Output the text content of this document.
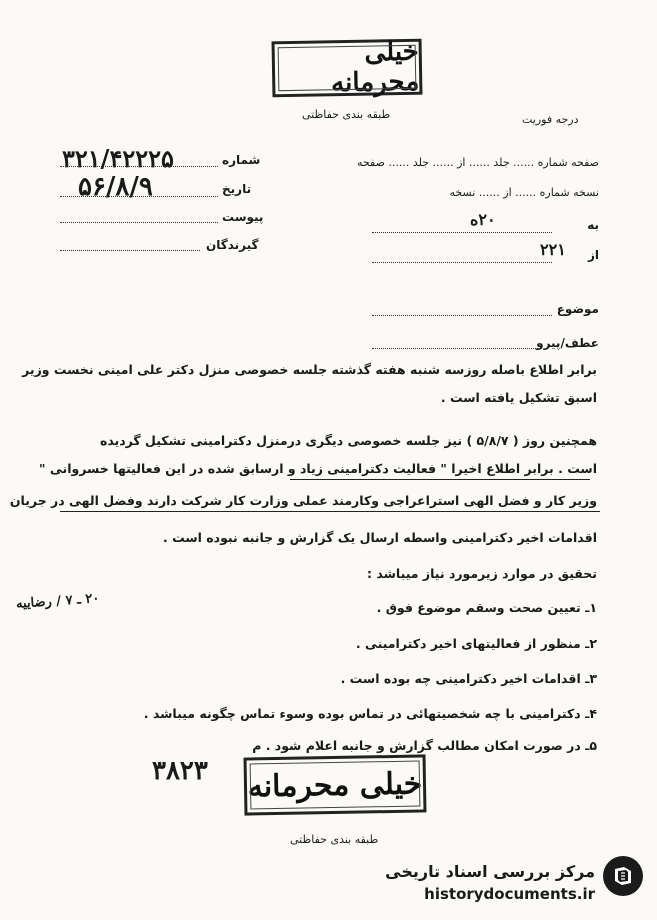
خیلی محرمانه
طبقه بندی حفاظتی	درجه فوریت
صفحه شماره ...... جلد ...... از ...... جلد ...... صفحه
نسخه شماره ...... از ...... نسخه
به
۲۰ه
از
۲۲۱
شماره
۳۲۱/۴۲۲۲۵
تاریخ
۵۶/۸/۹
پیوست
گیرندگان
موضوع
عطف/پیرو
برابر اطلاع باصله روزسه شنبه هفته گذشته جلسه خصوصی منزل دکتر علی امینی نخست وزیر
اسبق تشکیل یافته است .
همچنین روز ( ۵/۸/۷ ) نیز جلسه خصوصی دیگری درمنزل دکترامینی تشکیل گردیده
است . برابر اطلاع اخیرا " فعالیت دکترامینی زیاد و ارسابق شده در این فعالیتها خسروانی "
وزیر کار و فضل الهی استراعراجی وکارمند عملی وزارت کار شرکت دارند وفضل الهی در جریان
اقدامات اخیر دکترامینی واسطه ارسال یک گزارش و جانبه نبوده است .
تحقیق در موارد زیرمورد نیاز میباشد :
۱ـ تعیین صحت وسقم موضوع فوق .
۲ـ منظور از فعالیتهای اخیر دکترامینی .
۳ـ اقدامات اخیر دکترامینی چه بوده است .
۴ـ دکترامینی با چه شخصیتهائی در تماس بوده وسوء تماس چگونه میباشد .
۵ـ در صورت امکان مطالب گزارش و جانبه اعلام شود . م
۲۰ ـ ۷ / رضاییه
۳۸۲۳ خیلی محرمانه
طبقه بندی حفاظتی
مرکز بررسی اسناد تاریخی
historydocuments.ir
